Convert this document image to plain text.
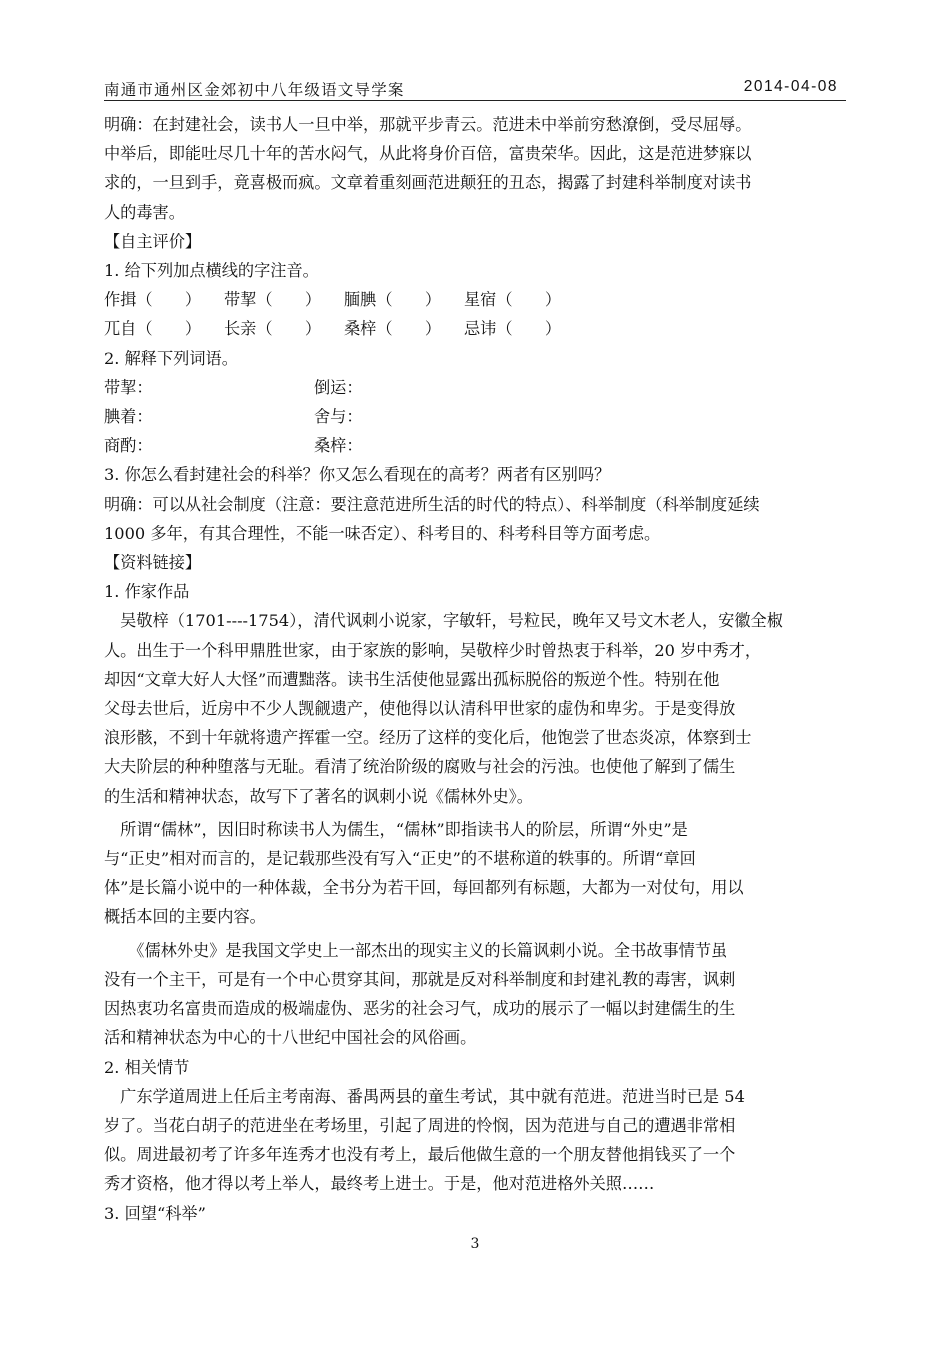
南通市通州区金郊初中八年级语文导学案	2014-04-08

明确：在封建社会，读书人一旦中举，那就平步青云。范进未中举前穷愁潦倒，受尽屈辱。

中举后，即能吐尽几十年的苦水闷气，从此将身价百倍，富贵荣华。因此，这是范进梦寐以

求的，一旦到手，竟喜极而疯。文章着重刻画范进颠狂的丑态，揭露了封建科举制度对读书

人的毒害。

【自主评价】

1. 给下列加点横线的字注音。

作揖（　　）	带挈（　　）	腼腆（　　）	星宿（　　）
兀自（　　）	长亲（　　）	桑梓（　　）	忌讳（　　）

2. 解释下列词语。

带挈：	倒运：
腆着：	舍与：
商酌：	桑梓：

3. 你怎么看封建社会的科举？你又怎么看现在的高考？两者有区别吗？

明确：可以从社会制度（注意：要注意范进所生活的时代的特点）、科举制度（科举制度延续

1000 多年，有其合理性，不能一味否定）、科考目的、科考科目等方面考虑。

【资料链接】

1. 作家作品

　吴敬梓（1701----1754），清代讽刺小说家，字敏轩，号粒民，晚年又号文木老人，安徽全椒

人。出生于一个科甲鼎胜世家，由于家族的影响，吴敬梓少时曾热衷于科举，20 岁中秀才，

却因“文章大好人大怪”而遭黜落。读书生活使他显露出孤标脱俗的叛逆个性。特别在他

父母去世后，近房中不少人觊觎遗产，使他得以认清科甲世家的虚伪和卑劣。于是变得放

浪形骸，不到十年就将遗产挥霍一空。经历了这样的变化后，他饱尝了世态炎凉，体察到士

大夫阶层的种种堕落与无耻。看清了统治阶级的腐败与社会的污浊。也使他了解到了儒生

的生活和精神状态，故写下了著名的讽刺小说《儒林外史》。

　所谓“儒林”，因旧时称读书人为儒生，“儒林”即指读书人的阶层，所谓“外史”是

与“正史”相对而言的，是记载那些没有写入“正史”的不堪称道的轶事的。所谓“章回

体”是长篇小说中的一种体裁，全书分为若干回，每回都列有标题，大都为一对仗句，用以

概括本回的主要内容。

　　《儒林外史》是我国文学史上一部杰出的现实主义的长篇讽刺小说。全书故事情节虽

没有一个主干，可是有一个中心贯穿其间，那就是反对科举制度和封建礼教的毒害，讽刺

因热衷功名富贵而造成的极端虚伪、恶劣的社会习气，成功的展示了一幅以封建儒生的生

活和精神状态为中心的十八世纪中国社会的风俗画。

2. 相关情节

　广东学道周进上任后主考南海、番禺两县的童生考试，其中就有范进。范进当时已是 54

岁了。当花白胡子的范进坐在考场里，引起了周进的怜悯，因为范进与自己的遭遇非常相

似。周进最初考了许多年连秀才也没有考上，最后他做生意的一个朋友替他捐钱买了一个

秀才资格，他才得以考上举人，最终考上进士。于是，他对范进格外关照……

3. 回望“科举”

3
